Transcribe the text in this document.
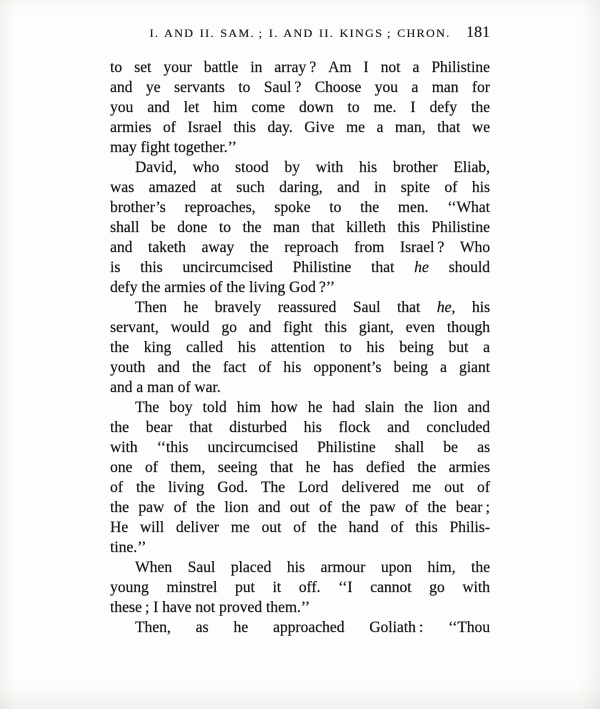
I. AND II. SAM. ; I. AND II. KINGS ; CHRON. 181
to set your battle in array ? Am I not a Philistine
and ye servants to Saul ? Choose you a man for
you and let him come down to me. I defy the
armies of Israel this day. Give me a man, that we
may fight together.’’
David, who stood by with his brother Eliab,
was amazed at such daring, and in spite of his
brother’s reproaches, spoke to the men. ‘‘What
shall be done to the man that killeth this Philistine
and taketh away the reproach from Israel ? Who
is this uncircumcised Philistine that he should
defy the armies of the living God ?’’
Then he bravely reassured Saul that he, his
servant, would go and fight this giant, even though
the king called his attention to his being but a
youth and the fact of his opponent’s being a giant
and a man of war.
The boy told him how he had slain the lion and
the bear that disturbed his flock and concluded
with ‘‘this uncircumcised Philistine shall be as
one of them, seeing that he has defied the armies
of the living God. The Lord delivered me out of
the paw of the lion and out of the paw of the bear ;
He will deliver me out of the hand of this Philis-
tine.’’
When Saul placed his armour upon him, the
young minstrel put it off. ‘‘I cannot go with
these ; I have not proved them.’’
Then, as he approached Goliath : ‘‘Thou
